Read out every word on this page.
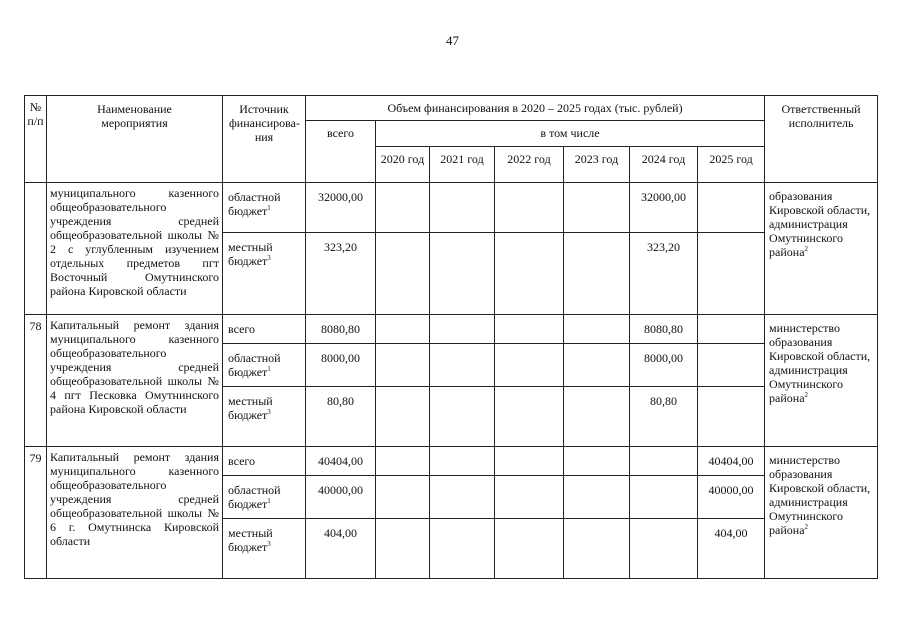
47
№ п/п	Наименование мероприятия	Источник финансирова-ния	Объем финансирования в 2020 – 2025 годах (тыс. рублей)							Ответственный исполнитель
			всего	в том числе						
				2020 год	2021 год	2022 год	2023 год	2024 год	2025 год	
	муниципального казенного общеобразовательного учреждения средней общеобразовательной школы № 2 с углубленным изучением отдельных предметов пгт Восточный Омутнинского района Кировской области	областной бюджет$^1$	32000,00					32000,00		образования Кировской области, администрация Омутнинского района$^2$
		местный бюджет$^3$	323,20					323,20		
78	Капитальный ремонт здания муниципального казенного общеобразовательного учреждения средней общеобразовательной школы № 4 пгт Песковка Омутнинского района Кировской области	всего	8080,80					8080,80		министерство образования Кировской области, администрация Омутнинского района$^2$
		областной бюджет$^1$	8000,00					8000,00		
		местный бюджет$^3$	80,80					80,80		
79	Капитальный ремонт здания муниципального казенного общеобразовательного учреждения средней общеобразовательной школы № 6 г. Омутнинска Кировской области	всего	40404,00						40404,00	министерство образования Кировской области, администрация Омутнинского района$^2$
		областной бюджет$^1$	40000,00						40000,00	
		местный бюджет$^3$	404,00						404,00	
